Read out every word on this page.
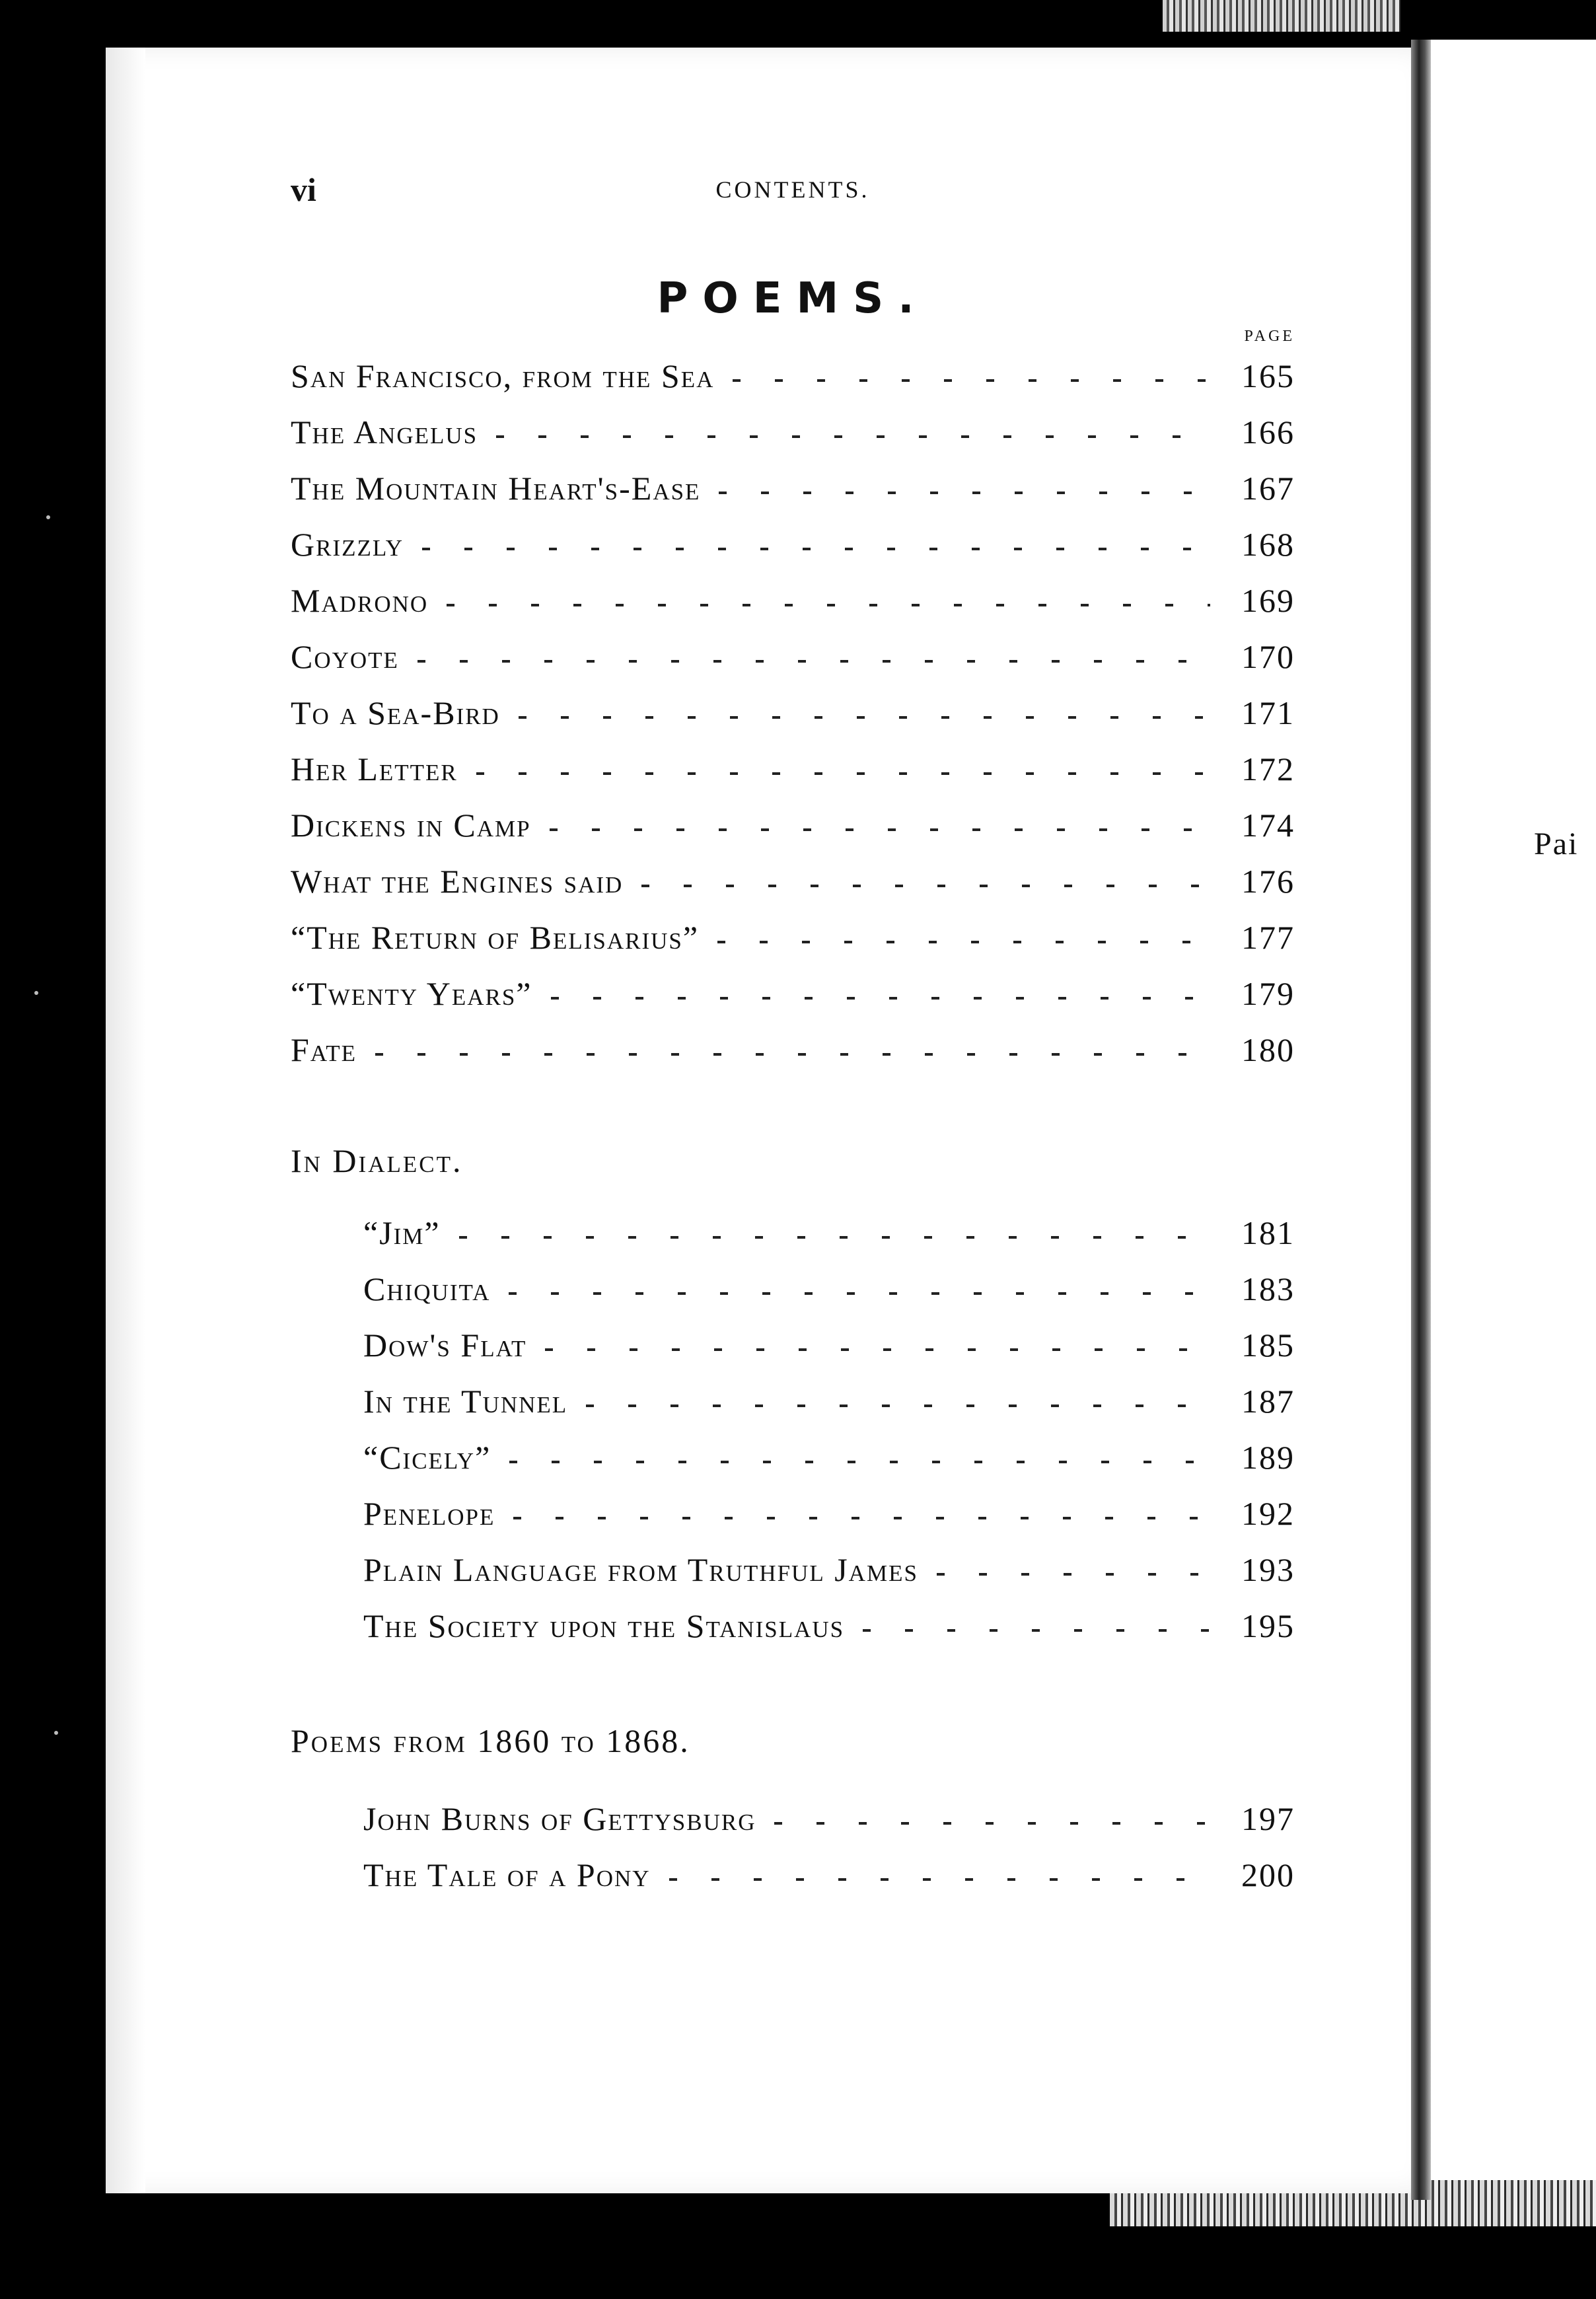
Pai
vi	CONTENTS.
POEMS.
PAGE
San Francisco, from the Sea	165
The Angelus	166
The Mountain Heart's-Ease	167
Grizzly	168
Madrono	169
Coyote	170
To a Sea-Bird	171
Her Letter	172
Dickens in Camp	174
What the Engines said	176
“The Return of Belisarius”	177
“Twenty Years”	179
Fate	180
In Dialect.
“Jim”	181
Chiquita	183
Dow's Flat	185
In the Tunnel	187
“Cicely”	189
Penelope	192
Plain Language from Truthful James	193
The Society upon the Stanislaus	195
Poems from 1860 to 1868.
John Burns of Gettysburg	197
The Tale of a Pony	200
